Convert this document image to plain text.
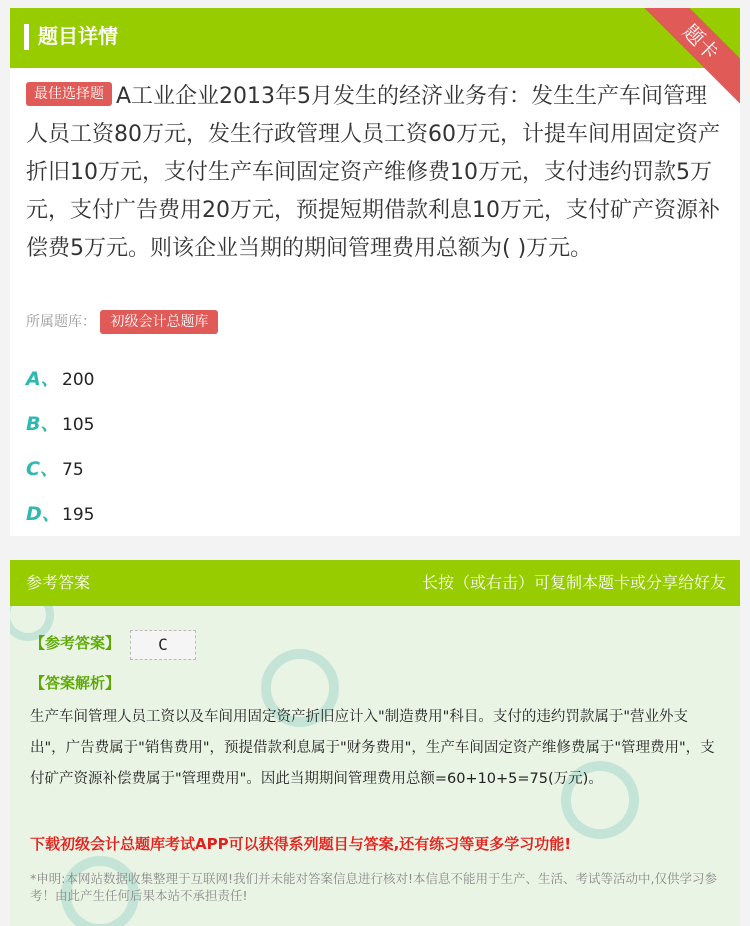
题目详情	题卡
最佳选择题 A工业企业2013年5月发生的经济业务有：发生生产车间管理人员工资80万元，发生行政管理人员工资60万元，计提车间用固定资产折旧10万元，支付生产车间固定资产维修费10万元，支付违约罚款5万元，支付广告费用20万元，预提短期借款利息10万元，支付矿产资源补偿费5万元。则该企业当期的期间管理费用总额为( )万元。
所属题库： 初级会计总题库
A、 200
B、 105
C、 75
D、195
参考答案	长按（或右击）可复制本题卡或分享给好友
【参考答案】	C
【答案解析】
生产车间管理人员工资以及车间用固定资产折旧应计入"制造费用"科目。支付的违约罚款属于"营业外支出"，广告费属于"销售费用"，预提借款利息属于"财务费用"，生产车间固定资产维修费属于"管理费用"，支付矿产资源补偿费属于"管理费用"。因此当期期间管理费用总额=60+10+5=75(万元)。
下载初级会计总题库考试APP可以获得系列题目与答案,还有练习等更多学习功能!
*申明:本网站数据收集整理于互联网!我们并未能对答案信息进行核对!本信息不能用于生产、生活、考试等活动中,仅供学习参考！由此产生任何后果本站不承担责任!
